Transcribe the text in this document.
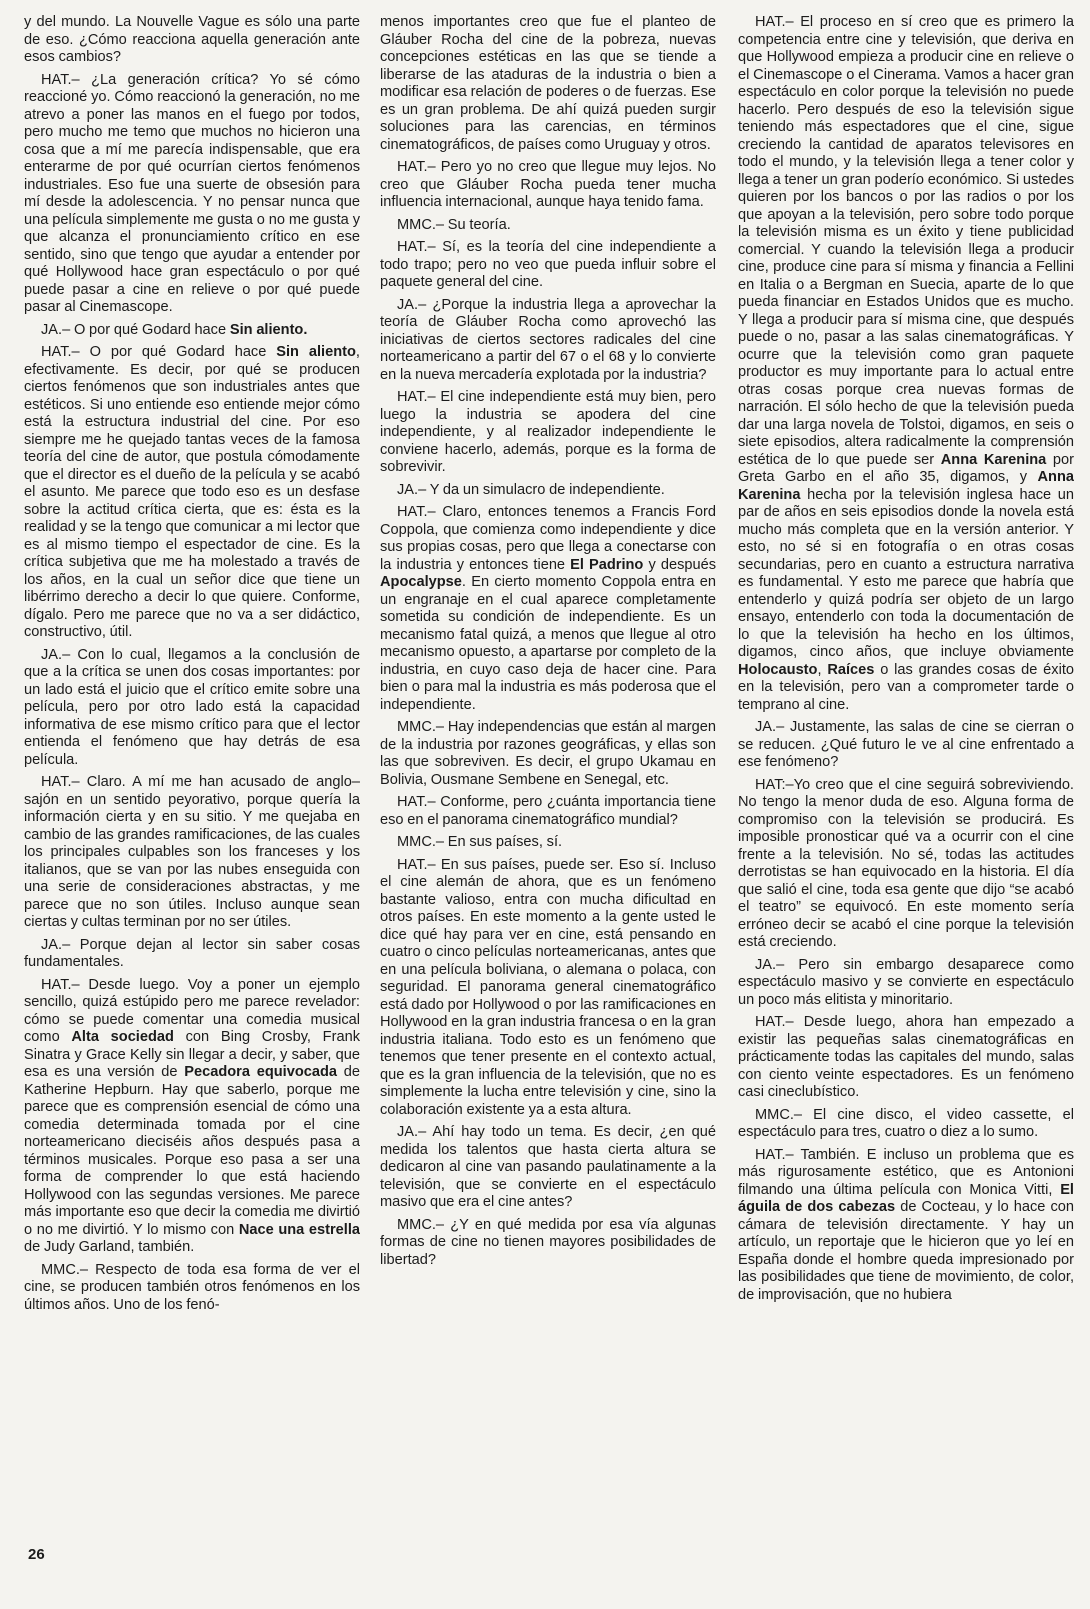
y del mundo. La Nouvelle Vague es sólo una parte de eso. ¿Cómo reacciona aquella generación ante esos cambios?

HAT.– ¿La generación crítica? Yo sé cómo reaccioné yo. Cómo reaccionó la generación, no me atrevo a poner las manos en el fuego por todos, pero mucho me temo que muchos no hicieron una cosa que a mí me parecía indispensable, que era enterarme de por qué ocurrían ciertos fenómenos industriales. Eso fue una suerte de obsesión para mí desde la adolescencia. Y no pensar nunca que una película simplemente me gusta o no me gusta y que alcanza el pronunciamiento crítico en ese sentido, sino que tengo que ayudar a entender por qué Hollywood hace gran espectáculo o por qué puede pasar a cine en relieve o por qué puede pasar al Cinemascope.

JA.– O por qué Godard hace Sin aliento.

HAT.– O por qué Godard hace Sin aliento, efectivamente. Es decir, por qué se producen ciertos fenómenos que son industriales antes que estéticos. Si uno entiende eso entiende mejor cómo está la estructura industrial del cine. Por eso siempre me he quejado tantas veces de la famosa teoría del cine de autor, que postula cómodamente que el director es el dueño de la película y se acabó el asunto. Me parece que todo eso es un desfase sobre la actitud crítica cierta, que es: ésta es la realidad y se la tengo que comunicar a mi lector que es al mismo tiempo el espectador de cine. Es la crítica subjetiva que me ha molestado a través de los años, en la cual un señor dice que tiene un libérrimo derecho a decir lo que quiere. Conforme, dígalo. Pero me parece que no va a ser didáctico, constructivo, útil.

JA.– Con lo cual, llegamos a la conclusión de que a la crítica se unen dos cosas importantes: por un lado está el juicio que el crítico emite sobre una película, pero por otro lado está la capacidad informativa de ese mismo crítico para que el lector entienda el fenómeno que hay detrás de esa película.

HAT.– Claro. A mí me han acusado de anglo–sajón en un sentido peyorativo, porque quería la información cierta y en su sitio. Y me quejaba en cambio de las grandes ramificaciones, de las cuales los principales culpables son los franceses y los italianos, que se van por las nubes enseguida con una serie de consideraciones abstractas, y me parece que no son útiles. Incluso aunque sean ciertas y cultas terminan por no ser útiles.

JA.– Porque dejan al lector sin saber cosas fundamentales.

HAT.– Desde luego. Voy a poner un ejemplo sencillo, quizá estúpido pero me parece revelador: cómo se puede comentar una comedia musical como Alta sociedad con Bing Crosby, Frank Sinatra y Grace Kelly sin llegar a decir, y saber, que esa es una versión de Pecadora equivocada de Katherine Hepburn. Hay que saberlo, porque me parece que es comprensión esencial de cómo una comedia determinada tomada por el cine norteamericano dieciséis años después pasa a términos musicales. Porque eso pasa a ser una forma de comprender lo que está haciendo Hollywood con las segundas versiones. Me parece más importante eso que decir la comedia me divirtió o no me divirtió. Y lo mismo con Nace una estrella de Judy Garland, también.

MMC.– Respecto de toda esa forma de ver el cine, se producen también otros fenómenos en los últimos años. Uno de los fenó-

menos importantes creo que fue el planteo de Gláuber Rocha del cine de la pobreza, nuevas concepciones estéticas en las que se tiende a liberarse de las ataduras de la industria o bien a modificar esa relación de poderes o de fuerzas. Ese es un gran problema. De ahí quizá pueden surgir soluciones para las carencias, en términos cinematográficos, de países como Uruguay y otros.

HAT.– Pero yo no creo que llegue muy lejos. No creo que Gláuber Rocha pueda tener mucha influencia internacional, aunque haya tenido fama.

MMC.– Su teoría.

HAT.– Sí, es la teoría del cine independiente a todo trapo; pero no veo que pueda influir sobre el paquete general del cine.

JA.– ¿Porque la industria llega a aprovechar la teoría de Gláuber Rocha como aprovechó las iniciativas de ciertos sectores radicales del cine norteamericano a partir del 67 o el 68 y lo convierte en la nueva mercadería explotada por la industria?

HAT.– El cine independiente está muy bien, pero luego la industria se apodera del cine independiente, y al realizador independiente le conviene hacerlo, además, porque es la forma de sobrevivir.

JA.– Y da un simulacro de independiente.

HAT.– Claro, entonces tenemos a Francis Ford Coppola, que comienza como independiente y dice sus propias cosas, pero que llega a conectarse con la industria y entonces tiene El Padrino y después Apocalypse. En cierto momento Coppola entra en un engranaje en el cual aparece completamente sometida su condición de independiente. Es un mecanismo fatal quizá, a menos que llegue al otro mecanismo opuesto, a apartarse por completo de la industria, en cuyo caso deja de hacer cine. Para bien o para mal la industria es más poderosa que el independiente.

MMC.– Hay independencias que están al margen de la industria por razones geográficas, y ellas son las que sobreviven. Es decir, el grupo Ukamau en Bolivia, Ousmane Sembene en Senegal, etc.

HAT.– Conforme, pero ¿cuánta importancia tiene eso en el panorama cinematográfico mundial?

MMC.– En sus países, sí.

HAT.– En sus países, puede ser. Eso sí. Incluso el cine alemán de ahora, que es un fenómeno bastante valioso, entra con mucha dificultad en otros países. En este momento a la gente usted le dice qué hay para ver en cine, está pensando en cuatro o cinco películas norteamericanas, antes que en una película boliviana, o alemana o polaca, con seguridad. El panorama general cinematográfico está dado por Hollywood o por las ramificaciones en Hollywood en la gran industria francesa o en la gran industria italiana. Todo esto es un fenómeno que tenemos que tener presente en el contexto actual, que es la gran influencia de la televisión, que no es simplemente la lucha entre televisión y cine, sino la colaboración existente ya a esta altura.

JA.– Ahí hay todo un tema. Es decir, ¿en qué medida los talentos que hasta cierta altura se dedicaron al cine van pasando paulatinamente a la televisión, que se convierte en el espectáculo masivo que era el cine antes?

MMC.– ¿Y en qué medida por esa vía algunas formas de cine no tienen mayores posibilidades de libertad?

HAT.– El proceso en sí creo que es primero la competencia entre cine y televisión, que deriva en que Hollywood empieza a producir cine en relieve o el Cinemascope o el Cinerama. Vamos a hacer gran espectáculo en color porque la televisión no puede hacerlo. Pero después de eso la televisión sigue teniendo más espectadores que el cine, sigue creciendo la cantidad de aparatos televisores en todo el mundo, y la televisión llega a tener color y llega a tener un gran poderío económico. Si ustedes quieren por los bancos o por las radios o por los que apoyan a la televisión, pero sobre todo porque la televisión misma es un éxito y tiene publicidad comercial. Y cuando la televisión llega a producir cine, produce cine para sí misma y financia a Fellini en Italia o a Bergman en Suecia, aparte de lo que pueda financiar en Estados Unidos que es mucho. Y llega a producir para sí misma cine, que después puede o no, pasar a las salas cinematográficas. Y ocurre que la televisión como gran paquete productor es muy importante para lo actual entre otras cosas porque crea nuevas formas de narración. El sólo hecho de que la televisión pueda dar una larga novela de Tolstoi, digamos, en seis o siete episodios, altera radicalmente la comprensión estética de lo que puede ser Anna Karenina por Greta Garbo en el año 35, digamos, y Anna Karenina hecha por la televisión inglesa hace un par de años en seis episodios donde la novela está mucho más completa que en la versión anterior. Y esto, no sé si en fotografía o en otras cosas secundarias, pero en cuanto a estructura narrativa es fundamental. Y esto me parece que habría que entenderlo y quizá podría ser objeto de un largo ensayo, entenderlo con toda la documentación de lo que la televisión ha hecho en los últimos, digamos, cinco años, que incluye obviamente Holocausto, Raíces o las grandes cosas de éxito en la televisión, pero van a comprometer tarde o temprano al cine.

JA.– Justamente, las salas de cine se cierran o se reducen. ¿Qué futuro le ve al cine enfrentado a ese fenómeno?

HAT:–Yo creo que el cine seguirá sobreviviendo. No tengo la menor duda de eso. Alguna forma de compromiso con la televisión se producirá. Es imposible pronosticar qué va a ocurrir con el cine frente a la televisión. No sé, todas las actitudes derrotistas se han equivocado en la historia. El día que salió el cine, toda esa gente que dijo “se acabó el teatro” se equivocó. En este momento sería erróneo decir se acabó el cine porque la televisión está creciendo.

JA.– Pero sin embargo desaparece como espectáculo masivo y se convierte en espectáculo un poco más elitista y minoritario.

HAT.– Desde luego, ahora han empezado a existir las pequeñas salas cinematográficas en prácticamente todas las capitales del mundo, salas con ciento veinte espectadores. Es un fenómeno casi cineclubístico.

MMC.– El cine disco, el video cassette, el espectáculo para tres, cuatro o diez a lo sumo.

HAT.– También. E incluso un problema que es más rigurosamente estético, que es Antonioni filmando una última película con Monica Vitti, El águila de dos cabezas de Cocteau, y lo hace con cámara de televisión directamente. Y hay un artículo, un reportaje que le hicieron que yo leí en España donde el hombre queda impresionado por las posibilidades que tiene de movimiento, de color, de improvisación, que no hubiera

26
